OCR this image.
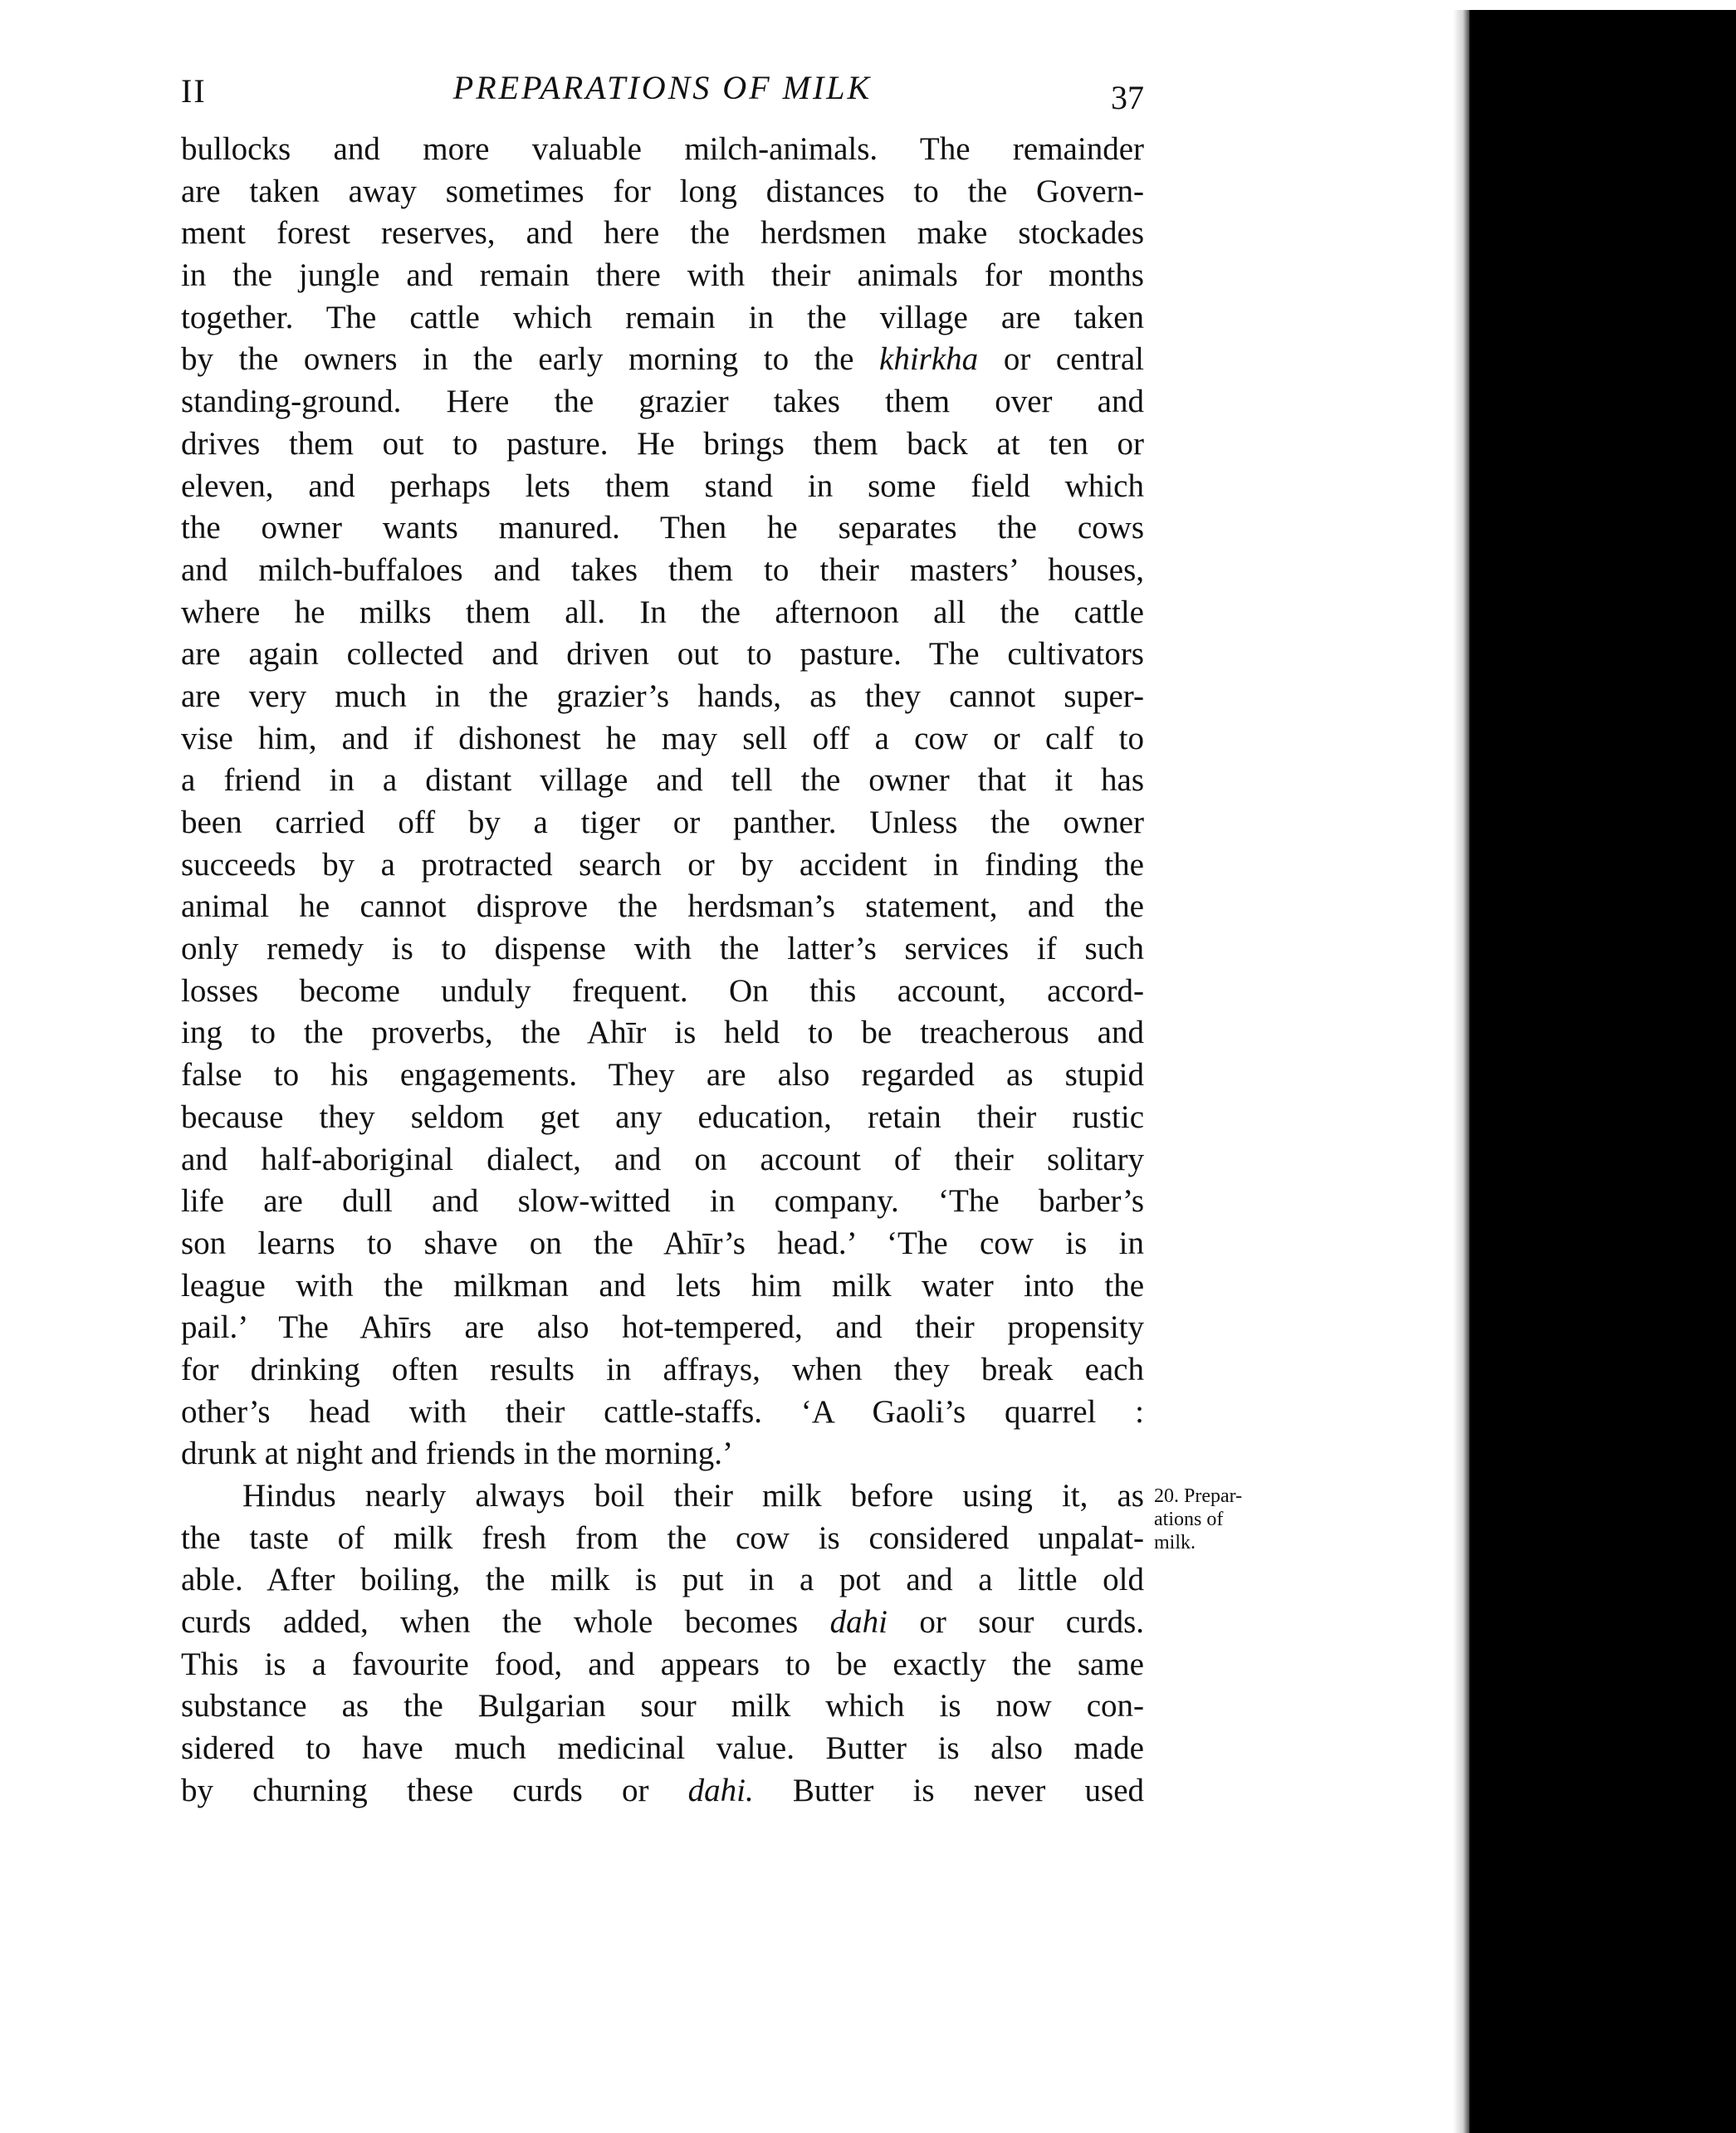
II	PREPARATIONS OF MILK	37
bullocks and more valuable milch-animals. The remainder
are taken away sometimes for long distances to the Govern-
ment forest reserves, and here the herdsmen make stockades
in the jungle and remain there with their animals for months
together. The cattle which remain in the village are taken
by the owners in the early morning to the khirkha or central
standing-ground. Here the grazier takes them over and
drives them out to pasture. He brings them back at ten or
eleven, and perhaps lets them stand in some field which
the owner wants manured. Then he separates the cows
and milch-buffaloes and takes them to their masters’ houses,
where he milks them all. In the afternoon all the cattle
are again collected and driven out to pasture. The cultivators
are very much in the grazier’s hands, as they cannot super-
vise him, and if dishonest he may sell off a cow or calf to
a friend in a distant village and tell the owner that it has
been carried off by a tiger or panther. Unless the owner
succeeds by a protracted search or by accident in finding the
animal he cannot disprove the herdsman’s statement, and the
only remedy is to dispense with the latter’s services if such
losses become unduly frequent. On this account, accord-
ing to the proverbs, the Ahīr is held to be treacherous and
false to his engagements. They are also regarded as stupid
because they seldom get any education, retain their rustic
and half-aboriginal dialect, and on account of their solitary
life are dull and slow-witted in company. ‘The barber’s
son learns to shave on the Ahīr’s head.’ ‘The cow is in
league with the milkman and lets him milk water into the
pail.’ The Ahīrs are also hot-tempered, and their propensity
for drinking often results in affrays, when they break each
other’s head with their cattle-staffs. ‘A Gaoli’s quarrel :
drunk at night and friends in the morning.’
Hindus nearly always boil their milk before using it, as
the taste of milk fresh from the cow is considered unpalat-
able. After boiling, the milk is put in a pot and a little old
curds added, when the whole becomes dahi or sour curds.
This is a favourite food, and appears to be exactly the same
substance as the Bulgarian sour milk which is now con-
sidered to have much medicinal value. Butter is also made
by churning these curds or dahi. Butter is never used
20. Prepar-
ations of
milk.
